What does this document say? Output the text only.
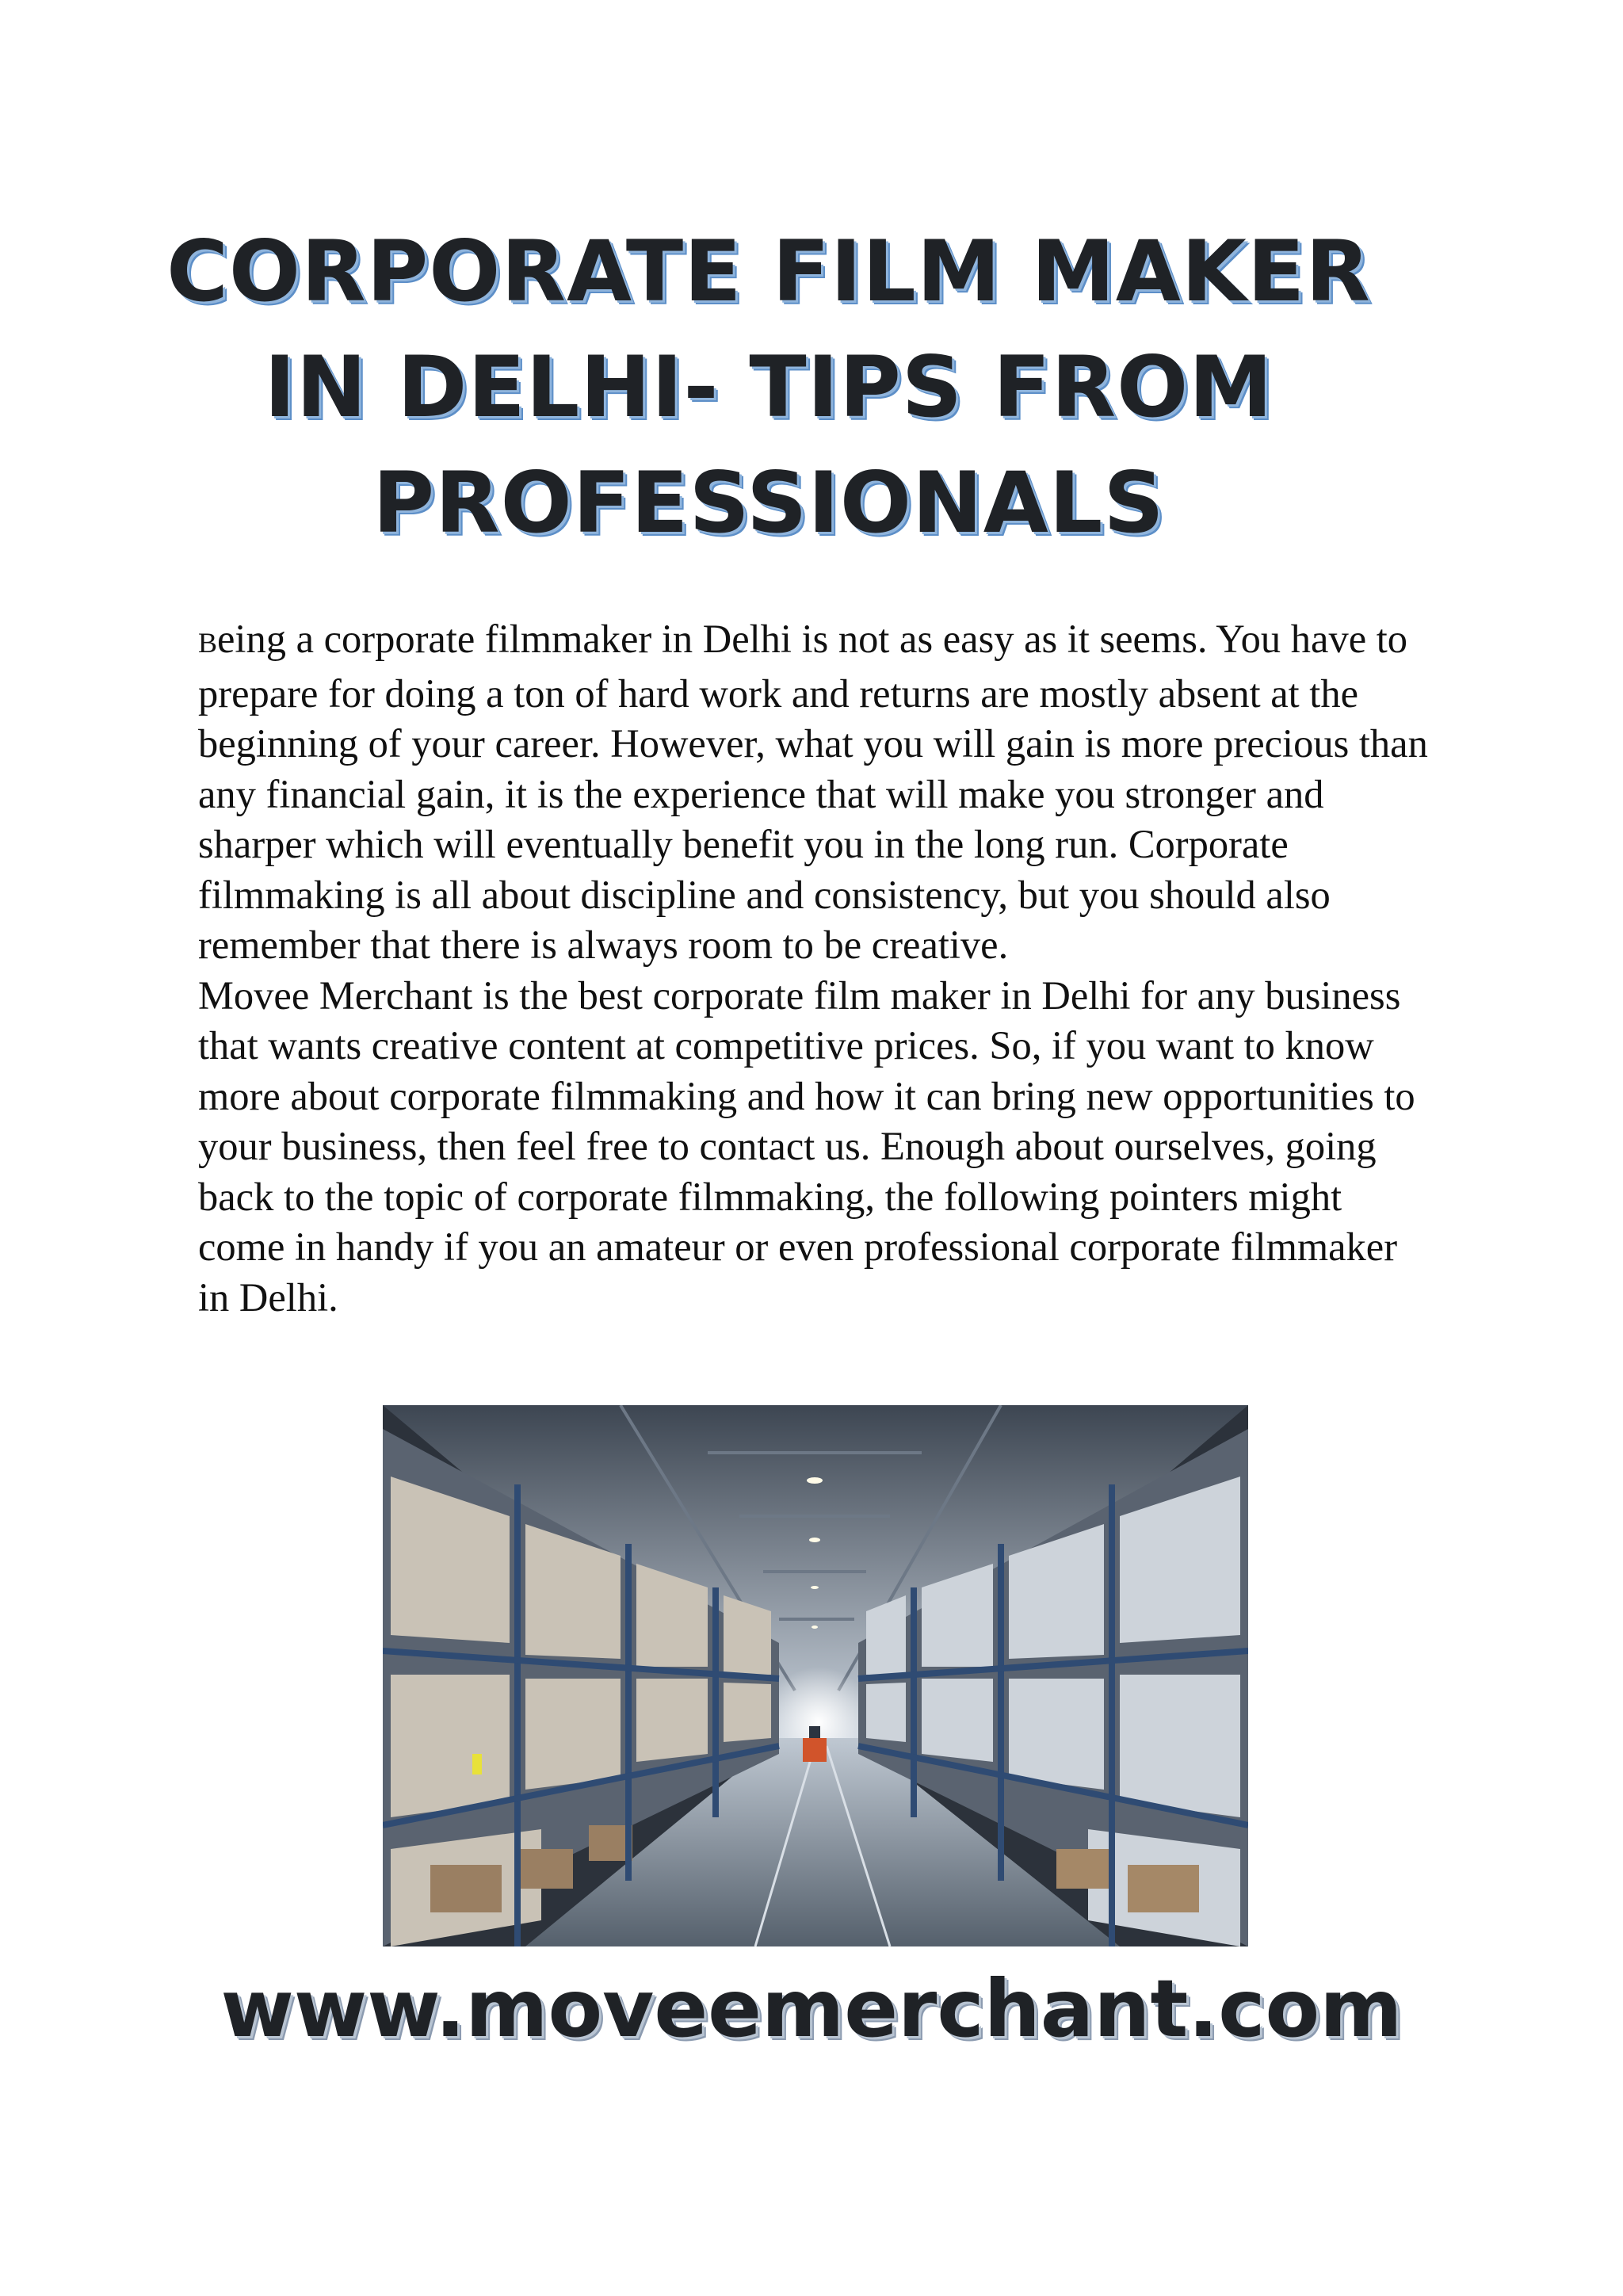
CORPORATE FILM MAKER
IN DELHI- TIPS FROM
PROFESSIONALS

Being a corporate filmmaker in Delhi is not as easy as it seems. You have to prepare for doing a ton of hard work and returns are mostly absent at the beginning of your career. However, what you will gain is more precious than any financial gain, it is the experience that will make you stronger and sharper which will eventually benefit you in the long run. Corporate filmmaking is all about discipline and consistency, but you should also remember that there is always room to be creative.

Movee Merchant is the best corporate film maker in Delhi for any business that wants creative content at competitive prices. So, if you want to know more about corporate filmmaking and how it can bring new opportunities to your business, then feel free to contact us. Enough about ourselves, going back to the topic of corporate filmmaking, the following pointers might come in handy if you an amateur or even professional corporate filmmaker in Delhi.

www.moveemerchant.com
